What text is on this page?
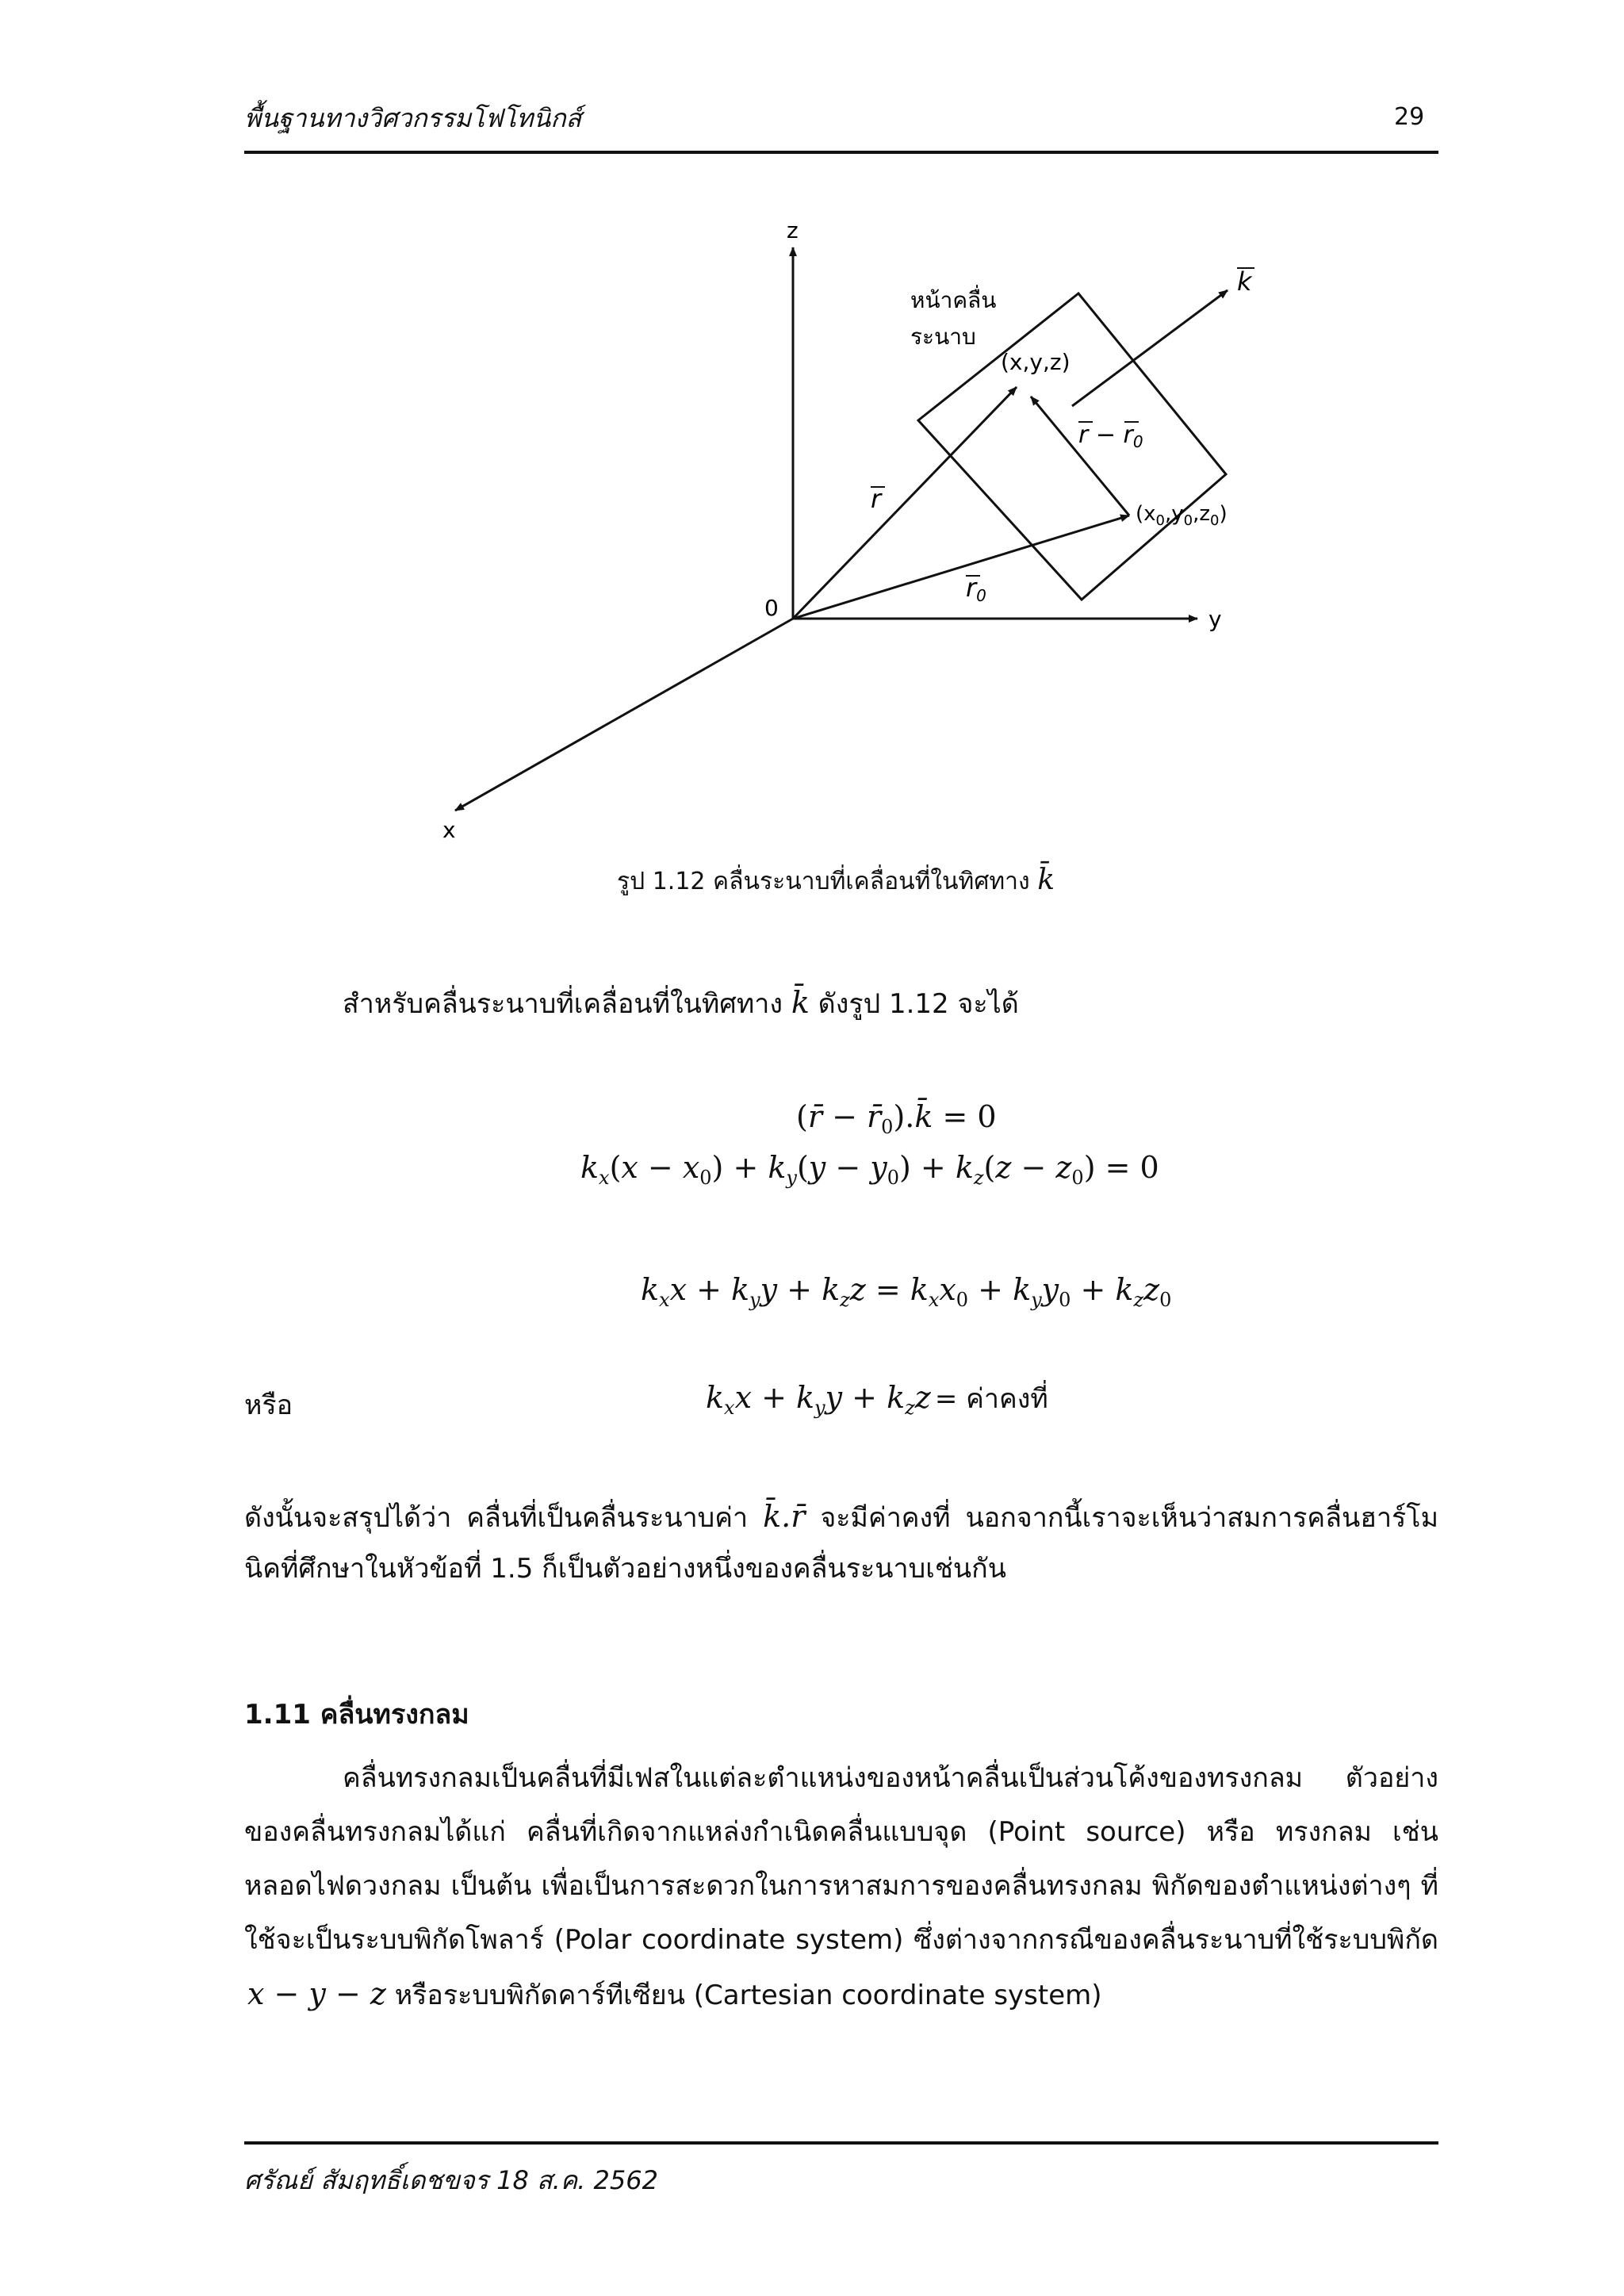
พื้นฐานทางวิศวกรรมโฟโทนิกส์	29
z
y
x
0
หน้าคลื่น
ระนาบ
(x,y,z)
$(x_0,y_0,z_0)$
k
r
r0
$r - r_0$
รูป 1.12 คลื่นระนาบที่เคลื่อนที่ในทิศทาง k̄
สำหรับคลื่นระนาบที่เคลื่อนที่ในทิศทาง k̄ ดังรูป 1.12 จะได้
(r̄ − $r̄_0).k̄ = 0$
$k_x(x - x_0) + k_y(y - y_0) + k_z(z - z_0) = 0$
$k_xx + k_yy + k_zz = k_xx_0 + k_yy_0 + k_zz_0$
หรือ	$k_xx + k_yy + k_zz$ = ค่าคงที่
ดังนั้นจะสรุปได้ว่า คลื่นที่เป็นคลื่นระนาบค่า k̄.r̄ จะมีค่าคงที่ นอกจากนี้เราจะเห็นว่าสมการคลื่นฮาร์โม
นิคที่ศึกษาในหัวข้อที่ 1.5 ก็เป็นตัวอย่างหนึ่งของคลื่นระนาบเช่นกัน
1.11 คลื่นทรงกลม
คลื่นทรงกลมเป็นคลื่นที่มีเฟสในแต่ละตำแหน่งของหน้าคลื่นเป็นส่วนโค้งของทรงกลม ตัวอย่าง
ของคลื่นทรงกลมได้แก่ คลื่นที่เกิดจากแหล่งกำเนิดคลื่นแบบจุด (Point source) หรือ ทรงกลม เช่น
หลอดไฟดวงกลม เป็นต้น เพื่อเป็นการสะดวกในการหาสมการของคลื่นทรงกลม พิกัดของตำแหน่งต่างๆ ที่
ใช้จะเป็นระบบพิกัดโพลาร์ (Polar coordinate system) ซึ่งต่างจากกรณีของคลื่นระนาบที่ใช้ระบบพิกัด
x − y − z หรือระบบพิกัดคาร์ทีเซียน (Cartesian coordinate system)
ศรัณย์ สัมฤทธิ์เดชขจร 18 ส.ค. 2562
